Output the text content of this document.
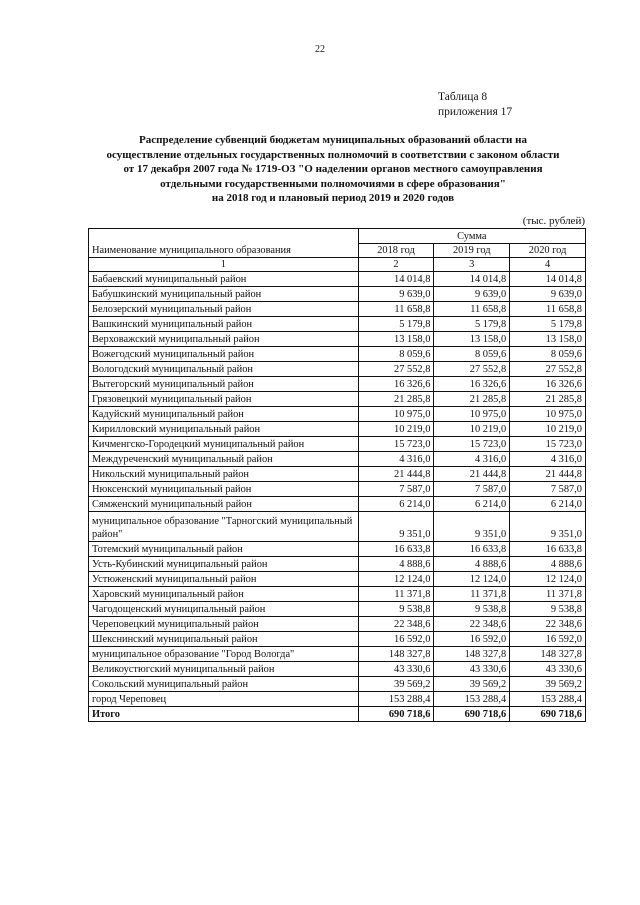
22
Таблица 8
приложения 17
Распределение субвенций бюджетам муниципальных образований области на
осуществление отдельных государственных полномочий в соответствии с законом области
от 17 декабря 2007 года № 1719-ОЗ "О наделении органов местного самоуправления
отдельными государственными полномочиями в сфере образования"
на 2018 год и плановый период 2019 и 2020 годов
(тыс. рублей)
Наименование муниципального образования	Сумма		
	2018 год	2019 год	2020 год
1	2	3	4
Бабаевский муниципальный район	14 014,8	14 014,8	14 014,8
Бабушкинский муниципальный район	9 639,0	9 639,0	9 639,0
Белозерский муниципальный район	11 658,8	11 658,8	11 658,8
Вашкинский муниципальный район	5 179,8	5 179,8	5 179,8
Верховажский муниципальный район	13 158,0	13 158,0	13 158,0
Вожегодский муниципальный район	8 059,6	8 059,6	8 059,6
Вологодский муниципальный район	27 552,8	27 552,8	27 552,8
Вытегорский муниципальный район	16 326,6	16 326,6	16 326,6
Грязовецкий муниципальный район	21 285,8	21 285,8	21 285,8
Кадуйский муниципальный район	10 975,0	10 975,0	10 975,0
Кирилловский муниципальный район	10 219,0	10 219,0	10 219,0
Кичменгско-Городецкий муниципальный район	15 723,0	15 723,0	15 723,0
Междуреченский муниципальный район	4 316,0	4 316,0	4 316,0
Никольский муниципальный район	21 444,8	21 444,8	21 444,8
Нюксенский муниципальный район	7 587,0	7 587,0	7 587,0
Сямженский муниципальный район	6 214,0	6 214,0	6 214,0
муниципальное образование "Тарногский муниципальный район"	9 351,0	9 351,0	9 351,0
Тотемский муниципальный район	16 633,8	16 633,8	16 633,8
Усть-Кубинский муниципальный район	4 888,6	4 888,6	4 888,6
Устюженский муниципальный район	12 124,0	12 124,0	12 124,0
Харовский муниципальный район	11 371,8	11 371,8	11 371,8
Чагодощенский муниципальный район	9 538,8	9 538,8	9 538,8
Череповецкий муниципальный район	22 348,6	22 348,6	22 348,6
Шекснинский муниципальный район	16 592,0	16 592,0	16 592,0
муниципальное образование "Город Вологда"	148 327,8	148 327,8	148 327,8
Великоустюгский муниципальный район	43 330,6	43 330,6	43 330,6
Сокольский муниципальный район	39 569,2	39 569,2	39 569,2
город Череповец	153 288,4	153 288,4	153 288,4
Итого	690 718,6	690 718,6	690 718,6
